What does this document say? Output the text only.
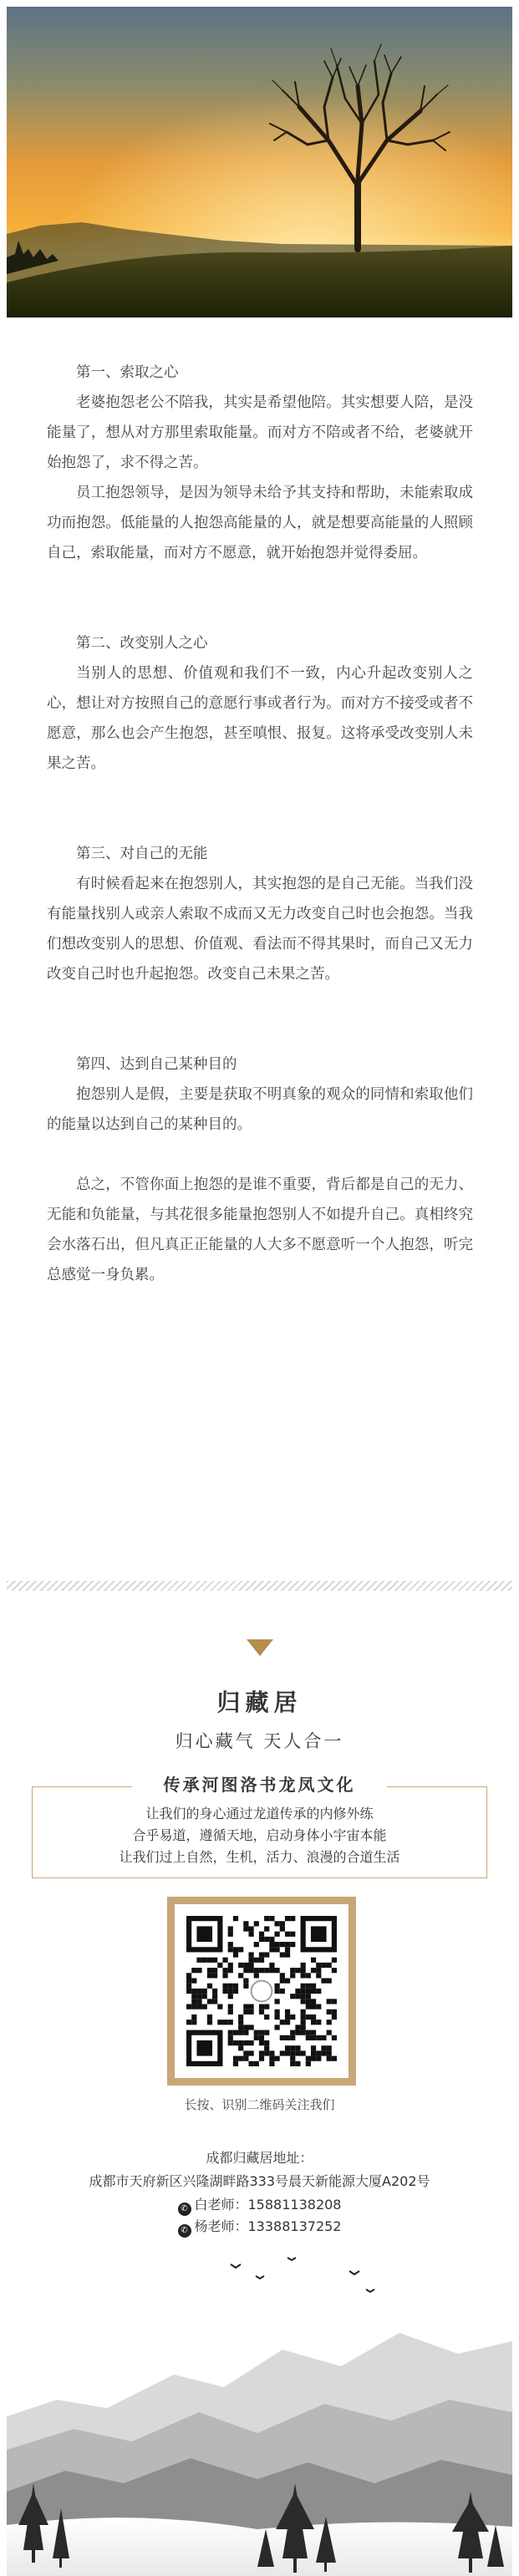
第一、索取之心

老婆抱怨老公不陪我，其实是希望他陪。其实想要人陪，是没能量了，想从对方那里索取能量。而对方不陪或者不给，老婆就开始抱怨了，求不得之苦。

员工抱怨领导，是因为领导未给予其支持和帮助，未能索取成功而抱怨。低能量的人抱怨高能量的人，就是想要高能量的人照顾自己，索取能量，而对方不愿意，就开始抱怨并觉得委屈。

第二、改变别人之心

当别人的思想、价值观和我们不一致，内心升起改变别人之心，想让对方按照自己的意愿行事或者行为。而对方不接受或者不愿意，那么也会产生抱怨，甚至嗔恨、报复。这将承受改变别人未果之苦。

第三、对自己的无能

有时候看起来在抱怨别人，其实抱怨的是自己无能。当我们没有能量找别人或亲人索取不成而又无力改变自己时也会抱怨。当我们想改变别人的思想、价值观、看法而不得其果时，而自己又无力改变自己时也升起抱怨。改变自己未果之苦。

第四、达到自己某种目的

抱怨别人是假，主要是获取不明真象的观众的同情和索取他们的能量以达到自己的某种目的。

总之，不管你面上抱怨的是谁不重要，背后都是自己的无力、无能和负能量，与其花很多能量抱怨别人不如提升自己。真相终究会水落石出，但凡真正正能量的人大多不愿意听一个人抱怨，听完总感觉一身负累。

归藏居
归心藏气 天人合一
传承河图洛书龙凤文化
让我们的身心通过龙道传承的内修外练
合乎易道，遵循天地，启动身体小宇宙本能
让我们过上自然，生机，活力、浪漫的合道生活
长按、识别二维码关注我们
成都归藏居地址：
成都市天府新区兴隆湖畔路333号晨天新能源大厦A202号
✆ 白老师：15881138208
✆ 杨老师：13388137252
